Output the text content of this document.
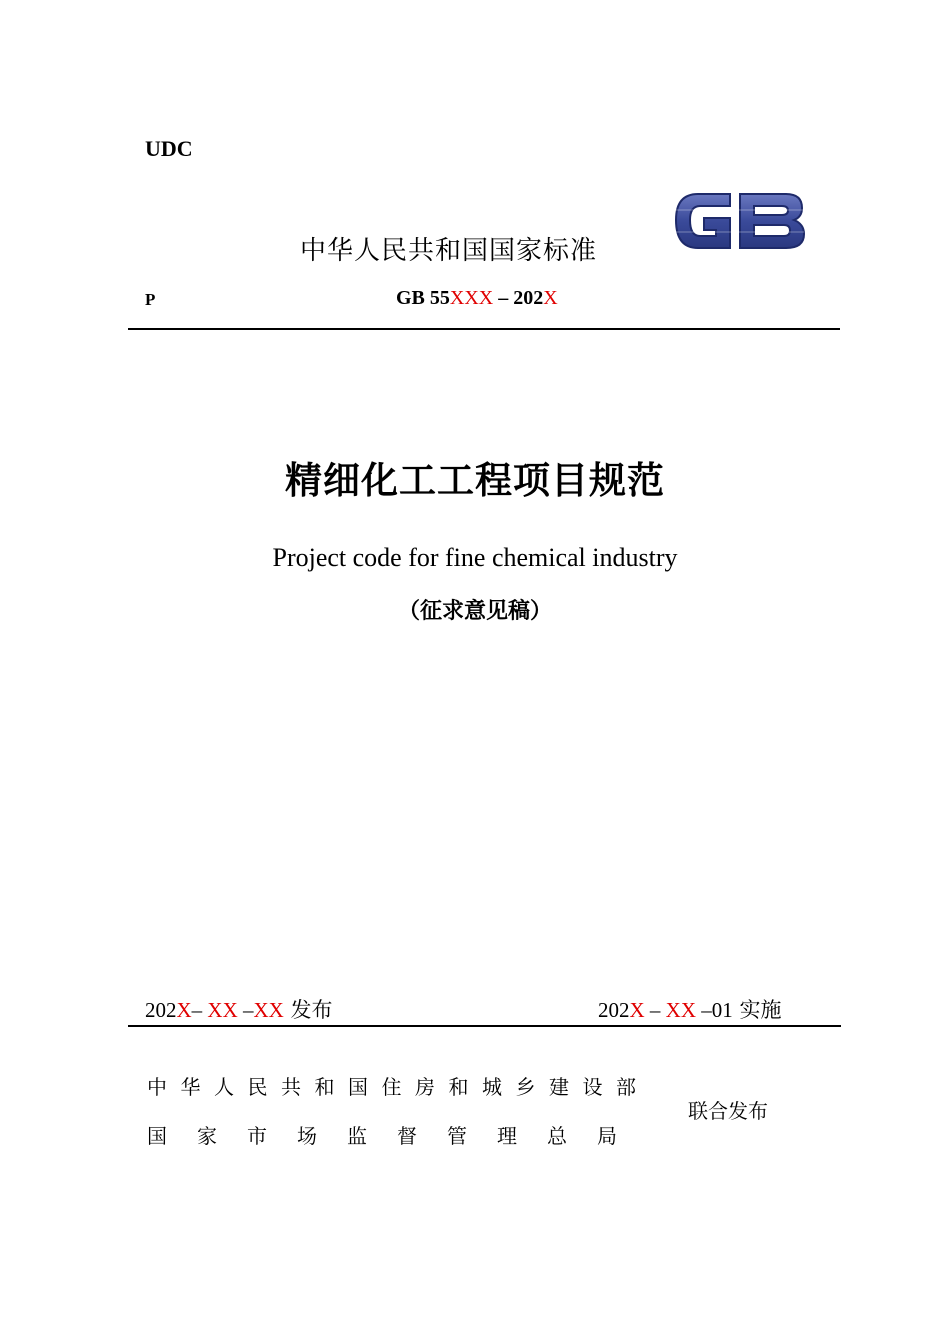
UDC
中华人民共和国国家标准
P	GB 55XXX – 202X
精细化工工程项目规范
Project code for fine chemical industry
（征求意见稿）
202X– XX –XX 发布	202X – XX –01 实施
中华人民共和国住房和城乡建设部
国家市场监督管理总局
联合发布
